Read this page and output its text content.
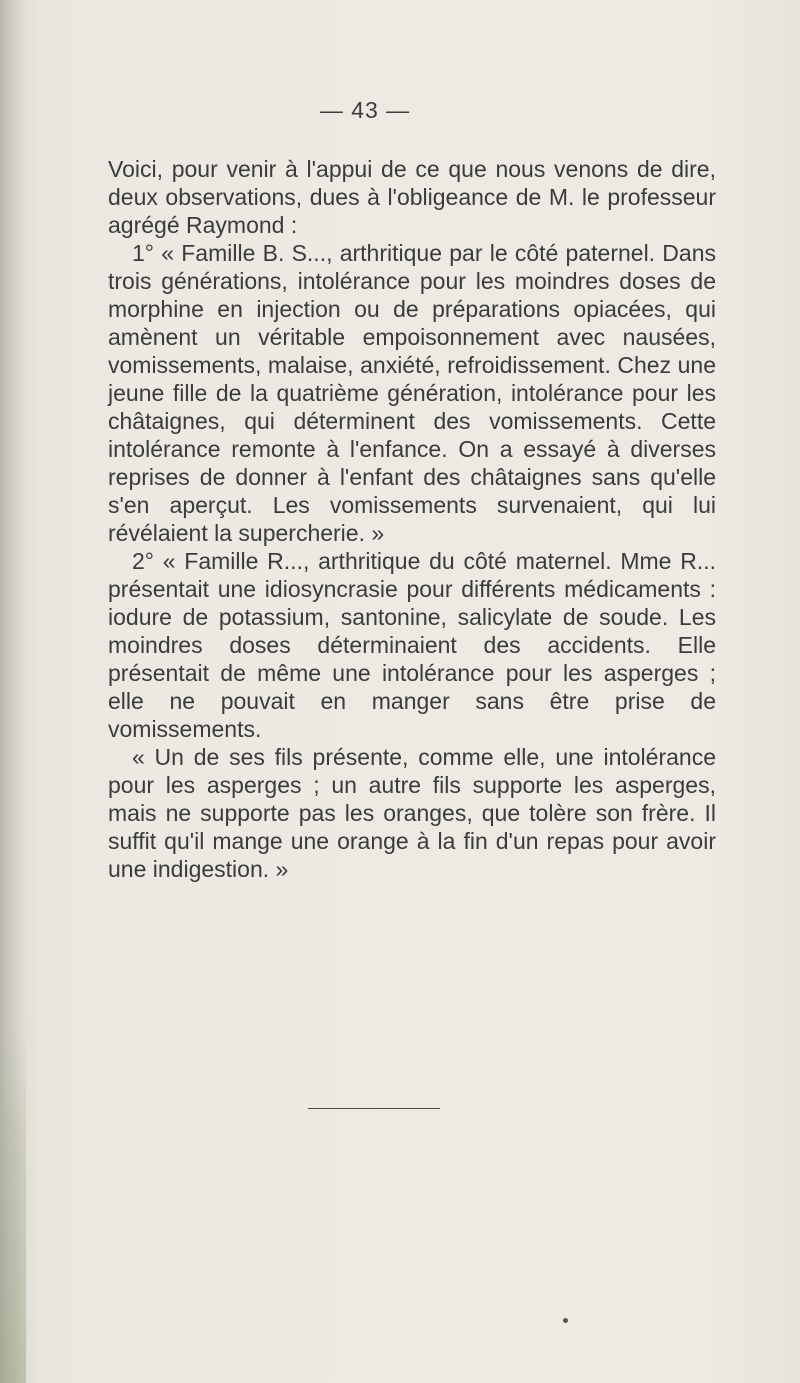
— 43 —

Voici, pour venir à l'appui de ce que nous venons de dire, deux observations, dues à l'obligeance de M. le professeur agrégé Raymond :

1° « Famille B. S..., arthritique par le côté paternel. Dans trois générations, intolérance pour les moindres doses de morphine en injection ou de préparations opiacées, qui amènent un véritable empoisonnement avec nausées, vomissements, malaise, anxiété, refroidissement. Chez une jeune fille de la quatrième génération, intolérance pour les châtaignes, qui déterminent des vomissements. Cette intolérance remonte à l'enfance. On a essayé à diverses reprises de donner à l'enfant des châtaignes sans qu'elle s'en aperçut. Les vomissements survenaient, qui lui révélaient la supercherie. »

2° « Famille R..., arthritique du côté maternel. Mme R... présentait une idiosyncrasie pour différents médicaments : iodure de potassium, santonine, salicylate de soude. Les moindres doses déterminaient des accidents. Elle présentait de même une intolérance pour les asperges ; elle ne pouvait en manger sans être prise de vomissements.

« Un de ses fils présente, comme elle, une intolérance pour les asperges ; un autre fils supporte les asperges, mais ne supporte pas les oranges, que tolère son frère. Il suffit qu'il mange une orange à la fin d'un repas pour avoir une indigestion. »
